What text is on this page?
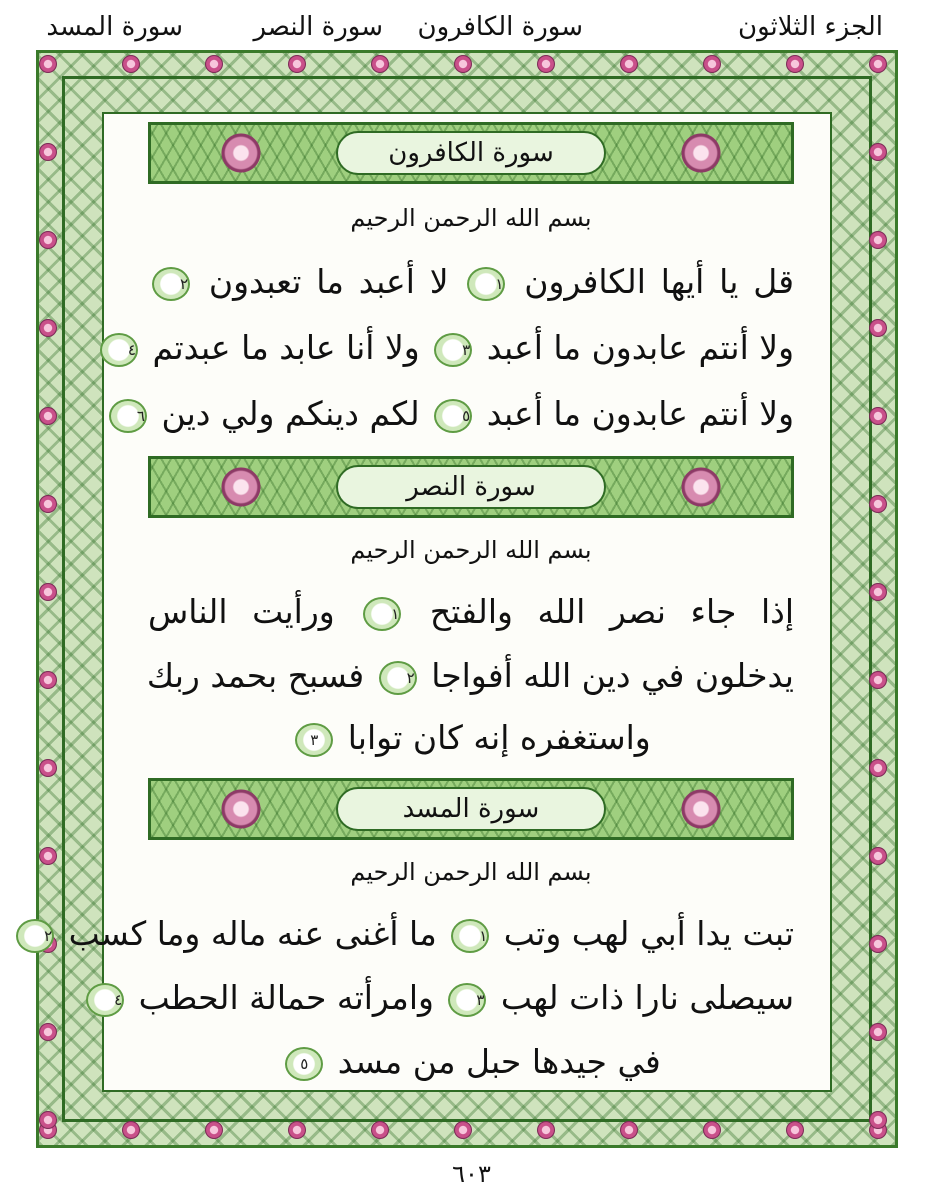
الجزء الثلاثون
سورة الكافرون
سورة النصر
سورة المسد
سورة الكافرون
بسم الله الرحمن الرحيم
قل يا أيها الكافرون ١ لا أعبد ما تعبدون ٢
ولا أنتم عابدون ما أعبد ٣ ولا أنا عابد ما عبدتم ٤
ولا أنتم عابدون ما أعبد ٥ لكم دينكم ولي دين ٦
سورة النصر
بسم الله الرحمن الرحيم
إذا جاء نصر الله والفتح ١ ورأيت الناس
يدخلون في دين الله أفواجا ٢ فسبح بحمد ربك
واستغفره إنه كان توابا ٣
سورة المسد
بسم الله الرحمن الرحيم
تبت يدا أبي لهب وتب ١ ما أغنى عنه ماله وما كسب ٢
سيصلى نارا ذات لهب ٣ وامرأته حمالة الحطب ٤
في جيدها حبل من مسد ٥
٦٠٣
